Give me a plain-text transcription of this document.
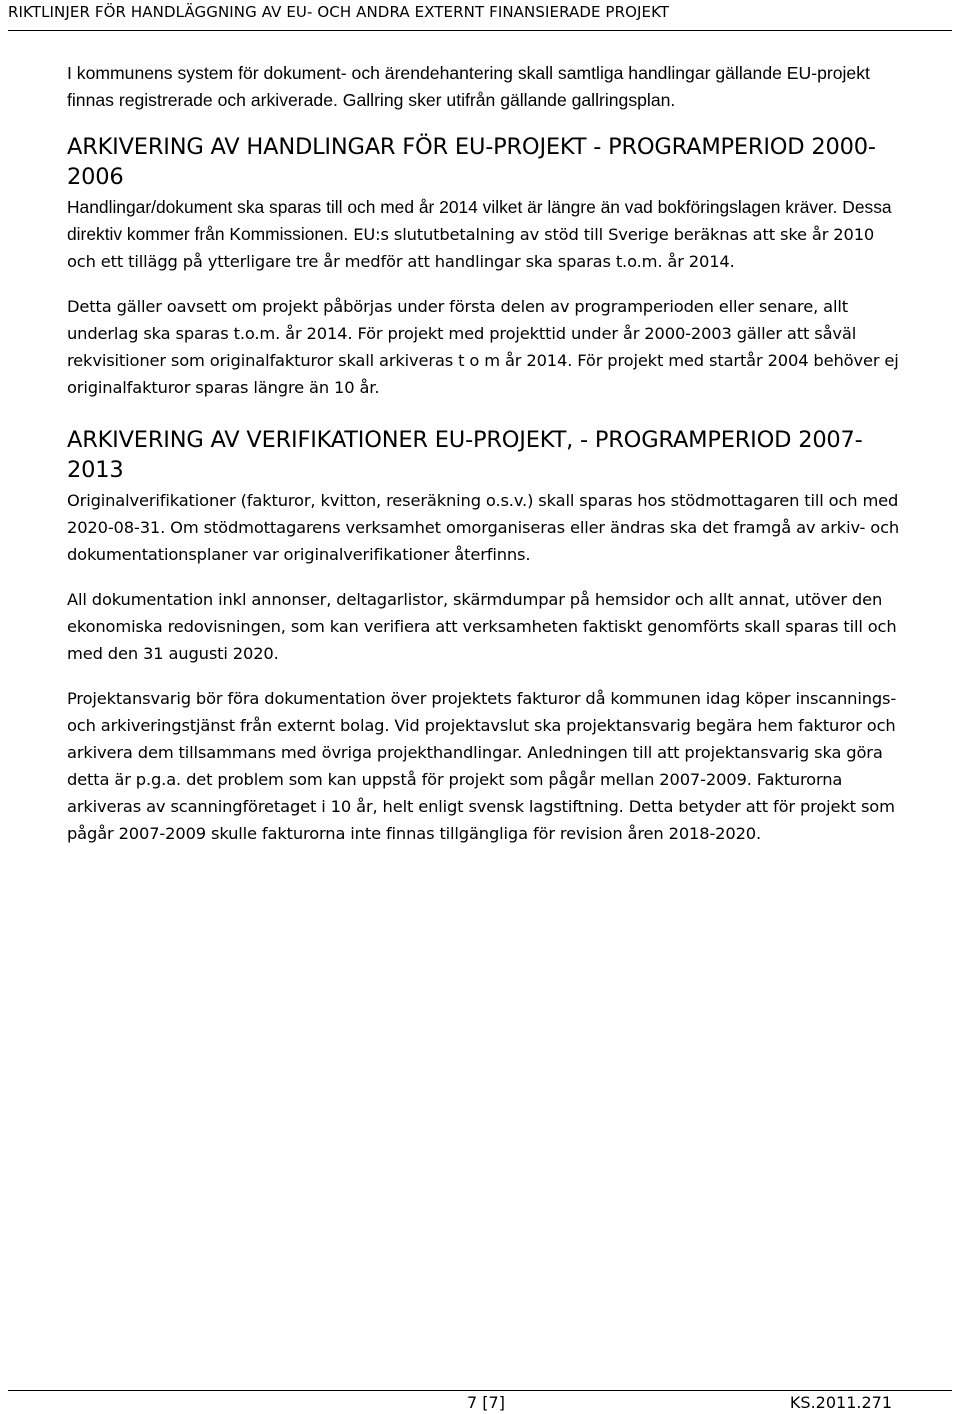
RIKTLINJER FÖR HANDLÄGGNING AV EU- OCH ANDRA EXTERNT FINANSIERADE PROJEKT

I kommunens system för dokument- och ärendehantering skall samtliga handlingar gällande EU-projekt finnas registrerade och arkiverade. Gallring sker utifrån gällande gallringsplan.

ARKIVERING AV HANDLINGAR FÖR EU-PROJEKT - PROGRAMPERIOD 2000-2006

Handlingar/dokument ska sparas till och med år 2014 vilket är längre än vad bokföringslagen kräver. Dessa direktiv kommer från Kommissionen. EU:s slututbetalning av stöd till Sverige beräknas att ske år 2010 och ett tillägg på ytterligare tre år medför att handlingar ska sparas t.o.m. år 2014.

Detta gäller oavsett om projekt påbörjas under första delen av programperioden eller senare, allt underlag ska sparas t.o.m. år 2014. För projekt med projekttid under år 2000-2003 gäller att såväl rekvisitioner som originalfakturor skall arkiveras t o m år 2014. För projekt med startår 2004 behöver ej originalfakturor sparas längre än 10 år.

ARKIVERING AV VERIFIKATIONER EU-PROJEKT, - PROGRAMPERIOD 2007-2013

Originalverifikationer (fakturor, kvitton, reseräkning o.s.v.) skall sparas hos stödmottagaren till och med 2020-08-31. Om stödmottagarens verksamhet omorganiseras eller ändras ska det framgå av arkiv- och dokumentationsplaner var originalverifikationer återfinns.

All dokumentation inkl annonser, deltagarlistor, skärmdumpar på hemsidor och allt annat, utöver den ekonomiska redovisningen, som kan verifiera att verksamheten faktiskt genomförts skall sparas till och med den 31 augusti 2020.

Projektansvarig bör föra dokumentation över projektets fakturor då kommunen idag köper inscannings- och arkiveringstjänst från externt bolag. Vid projektavslut ska projektansvarig begära hem fakturor och arkivera dem tillsammans med övriga projekthandlingar. Anledningen till att projektansvarig ska göra detta är p.g.a. det problem som kan uppstå för projekt som pågår mellan 2007-2009. Fakturorna arkiveras av scanningföretaget i 10 år, helt enligt svensk lagstiftning. Detta betyder att för projekt som pågår 2007-2009 skulle fakturorna inte finnas tillgängliga för revision åren 2018-2020.

7 [7]	KS.2011.271
